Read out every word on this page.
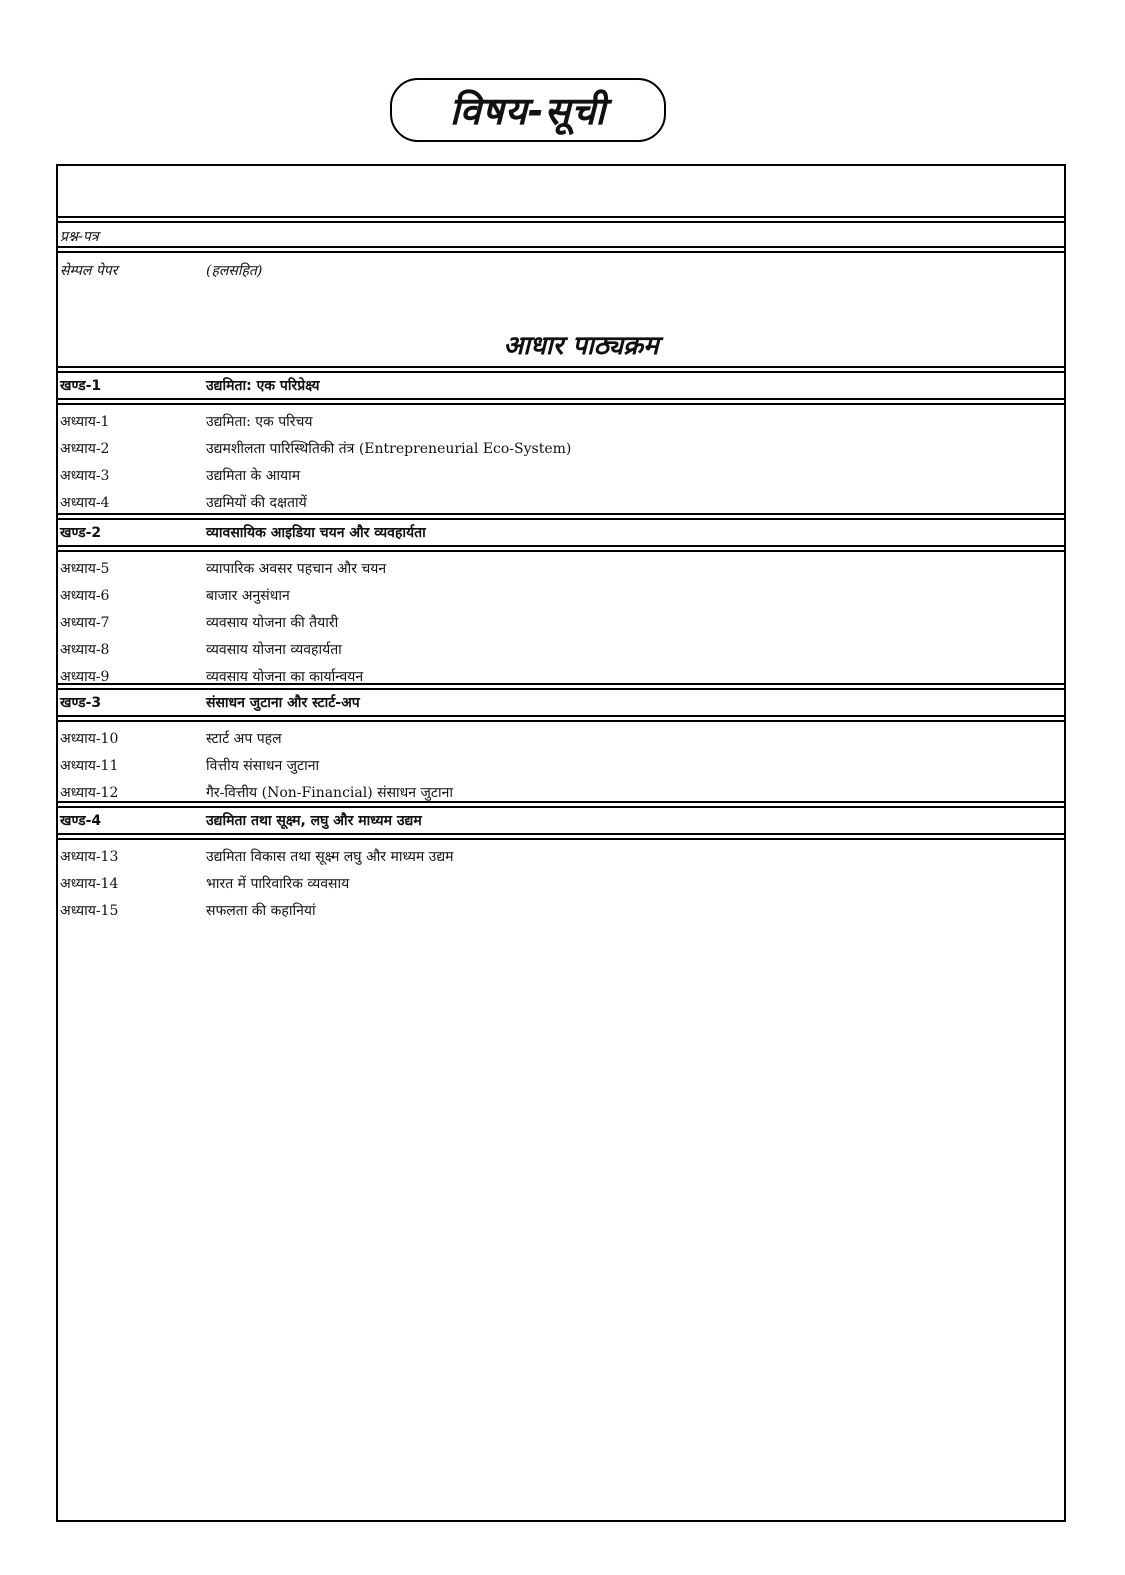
विषय-सूची
प्रश्न-पत्र
सेम्पल पेपर	(हलसहित)
आधार पाठ्यक्रम
खण्ड-1	उद्यमिता: एक परिप्रेक्ष्य
अध्याय-1	उद्यमिता: एक परिचय
अध्याय-2	उद्यमशीलता पारिस्थितिकी तंत्र (Entrepreneurial Eco-System)
अध्याय-3	उद्यमिता के आयाम
अध्याय-4	उद्यमियों की दक्षतायें
खण्ड-2	व्यावसायिक आइडिया चयन और व्यवहार्यता
अध्याय-5	व्यापारिक अवसर पहचान और चयन
अध्याय-6	बाजार अनुसंधान
अध्याय-7	व्यवसाय योजना की तैयारी
अध्याय-8	व्यवसाय योजना व्यवहार्यता
अध्याय-9	व्यवसाय योजना का कार्यान्वयन
खण्ड-3	संसाधन जुटाना और स्टार्ट-अप
अध्याय-10	स्टार्ट अप पहल
अध्याय-11	वित्तीय संसाधन जुटाना
अध्याय-12	गैर-वित्तीय (Non-Financial) संसाधन जुटाना
खण्ड-4	उद्यमिता तथा सूक्ष्म, लघु और माध्यम उद्यम
अध्याय-13	उद्यमिता विकास तथा सूक्ष्म लघु और माध्यम उद्यम
अध्याय-14	भारत में पारिवारिक व्यवसाय
अध्याय-15	सफलता की कहानियां
